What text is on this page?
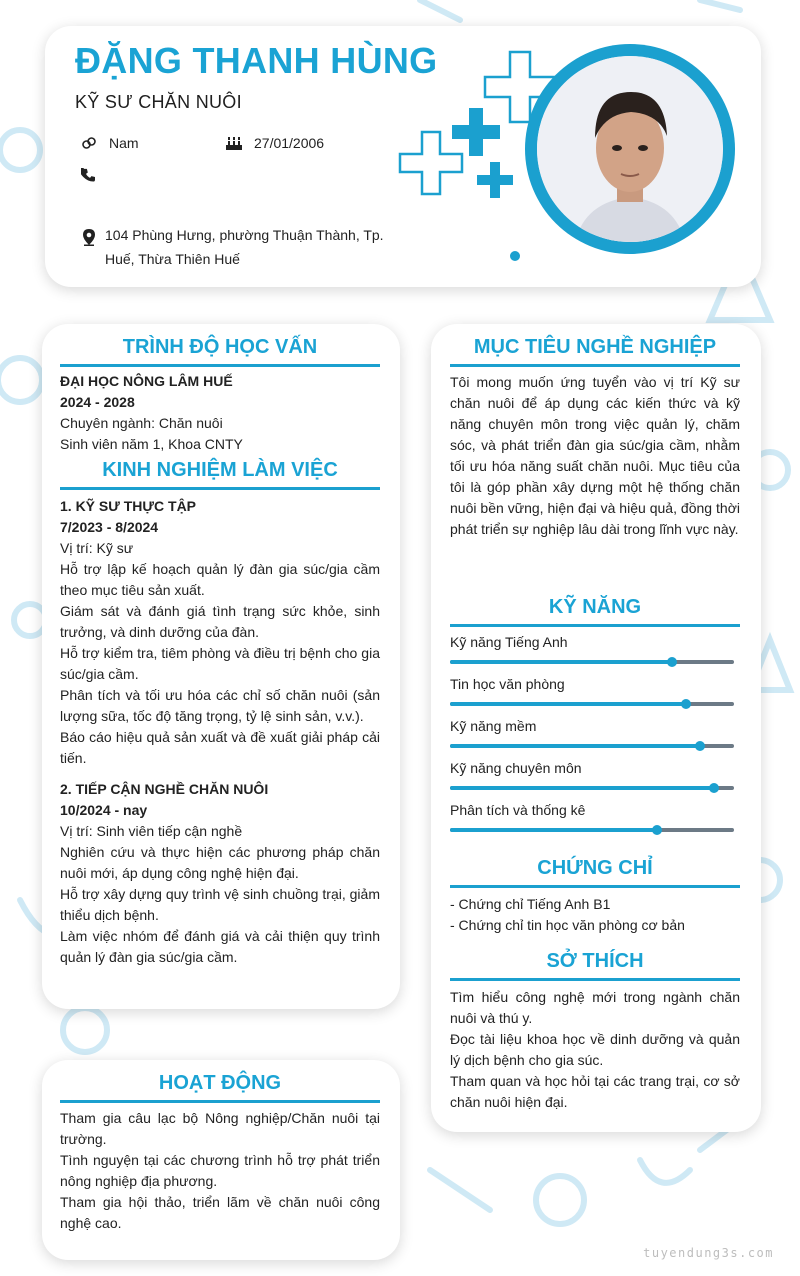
ĐẶNG THANH HÙNG
KỸ SƯ CHĂN NUÔI
Nam	27/01/2006
104 Phùng Hưng, phường Thuận Thành, Tp. Huế, Thừa Thiên Huế
TRÌNH ĐỘ HỌC VẤN

ĐẠI HỌC NÔNG LÂM HUẾ

2024 - 2028

Chuyên ngành: Chăn nuôi

Sinh viên năm 1, Khoa CNTY

KINH NGHIỆM LÀM VIỆC

1. KỸ SƯ THỰC TẬP

7/2023 - 8/2024

Vị trí: Kỹ sư

Hỗ trợ lập kế hoạch quản lý đàn gia súc/gia cầm theo mục tiêu sản xuất.

Giám sát và đánh giá tình trạng sức khỏe, sinh trưởng, và dinh dưỡng của đàn.

Hỗ trợ kiểm tra, tiêm phòng và điều trị bệnh cho gia súc/gia cầm.

Phân tích và tối ưu hóa các chỉ số chăn nuôi (sản lượng sữa, tốc độ tăng trọng, tỷ lệ sinh sản, v.v.).

Báo cáo hiệu quả sản xuất và đề xuất giải pháp cải tiến.

2. TIẾP CẬN NGHỀ CHĂN NUÔI

10/2024 - nay

Vị trí: Sinh viên tiếp cận nghề

Nghiên cứu và thực hiện các phương pháp chăn nuôi mới, áp dụng công nghệ hiện đại.

Hỗ trợ xây dựng quy trình vệ sinh chuồng trại, giảm thiểu dịch bệnh.

Làm việc nhóm để đánh giá và cải thiện quy trình quản lý đàn gia súc/gia cầm.

HOẠT ĐỘNG

Tham gia câu lạc bộ Nông nghiệp/Chăn nuôi tại trường.

Tình nguyện tại các chương trình hỗ trợ phát triển nông nghiệp địa phương.

Tham gia hội thảo, triển lãm về chăn nuôi công nghệ cao.

MỤC TIÊU NGHỀ NGHIỆP
Tôi mong muốn ứng tuyển vào vị trí Kỹ sư chăn nuôi để áp dụng các kiến thức và kỹ năng chuyên môn trong việc quản lý, chăm sóc, và phát triển đàn gia súc/gia cầm, nhằm tối ưu hóa năng suất chăn nuôi. Mục tiêu của tôi là góp phần xây dựng một hệ thống chăn nuôi bền vững, hiện đại và hiệu quả, đồng thời phát triển sự nghiệp lâu dài trong lĩnh vực này.
KỸ NĂNG
Kỹ năng Tiếng Anh
Tin học văn phòng
Kỹ năng mềm
Kỹ năng chuyên môn
Phân tích và thống kê
CHỨNG CHỈ

- Chứng chỉ Tiếng Anh B1

- Chứng chỉ tin học văn phòng cơ bản

SỞ THÍCH

Tìm hiểu công nghệ mới trong ngành chăn nuôi và thú y.

Đọc tài liệu khoa học về dinh dưỡng và quản lý dịch bệnh cho gia súc.

Tham quan và học hỏi tại các trang trại, cơ sở chăn nuôi hiện đại.

tuyendung3s.com
